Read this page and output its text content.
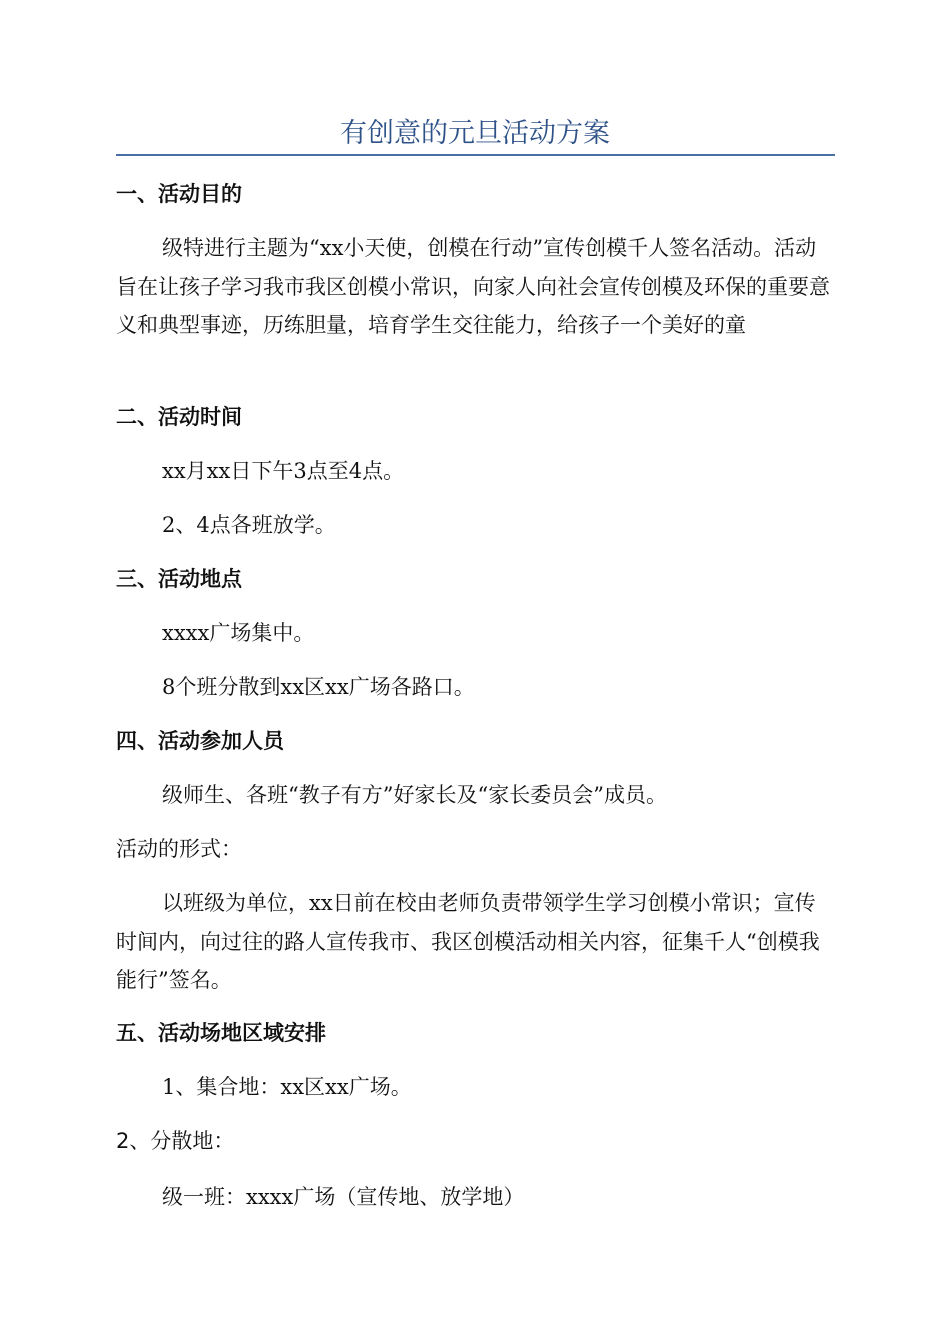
有创意的元旦活动方案
一、活动目的
级特进行主题为“xx小天使，创模在行动”宣传创模千人签名活动。活动旨在让孩子学习我市我区创模小常识，向家人向社会宣传创模及环保的重要意义和典型事迹，历练胆量，培育学生交往能力，给孩子一个美好的童
二、活动时间
xx月xx日下午3点至4点。
2、4点各班放学。
三、活动地点
xxxx广场集中。
8个班分散到xx区xx广场各路口。
四、活动参加人员
级师生、各班“教子有方”好家长及“家长委员会”成员。
活动的形式：
以班级为单位，xx日前在校由老师负责带领学生学习创模小常识；宣传时间内，向过往的路人宣传我市、我区创模活动相关内容，征集千人“创模我能行”签名。
五、活动场地区域安排
1、集合地：xx区xx广场。
2、分散地：
级一班：xxxx广场（宣传地、放学地）
